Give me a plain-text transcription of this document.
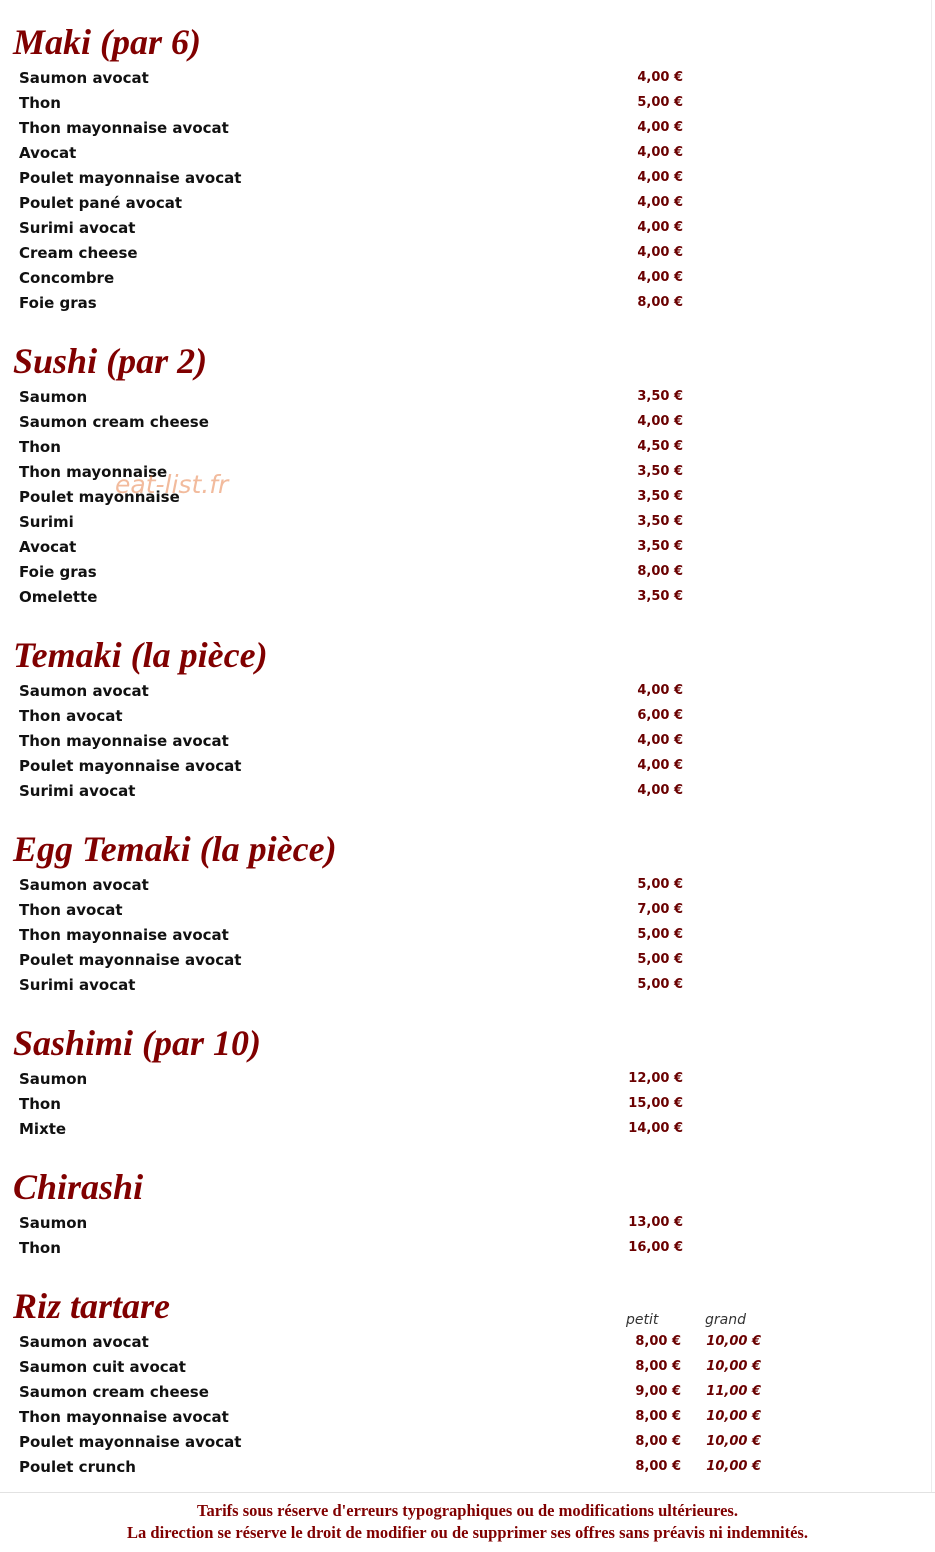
Maki (par 6)
Saumon avocat	4,00 €
Thon	5,00 €
Thon mayonnaise avocat	4,00 €
Avocat	4,00 €
Poulet mayonnaise avocat	4,00 €
Poulet pané avocat	4,00 €
Surimi avocat	4,00 €
Cream cheese	4,00 €
Concombre	4,00 €
Foie gras	8,00 €
Sushi (par 2)
Saumon	3,50 €
Saumon cream cheese	4,00 €
Thon	4,50 €
Thon mayonnaise	3,50 €
Poulet mayonnaise	3,50 €
Surimi	3,50 €
Avocat	3,50 €
Foie gras	8,00 €
Omelette	3,50 €
Temaki (la pièce)
Saumon avocat	4,00 €
Thon avocat	6,00 €
Thon mayonnaise avocat	4,00 €
Poulet mayonnaise avocat	4,00 €
Surimi avocat	4,00 €
Egg Temaki (la pièce)
Saumon avocat	5,00 €
Thon avocat	7,00 €
Thon mayonnaise avocat	5,00 €
Poulet mayonnaise avocat	5,00 €
Surimi avocat	5,00 €
Sashimi (par 10)
Saumon	12,00 €
Thon	15,00 €
Mixte	14,00 €
Chirashi
Saumon	13,00 €
Thon	16,00 €
Riz tartare	petit	grand
Saumon avocat	8,00 € 10,00 €
Saumon cuit avocat	8,00 € 10,00 €
Saumon cream cheese	9,00 € 11,00 €
Thon mayonnaise avocat	8,00 € 10,00 €
Poulet mayonnaise avocat	8,00 € 10,00 €
Poulet crunch	8,00 € 10,00 €
eat-list.fr
Tarifs sous réserve d'erreurs typographiques ou de modifications ultérieures.
La direction se réserve le droit de modifier ou de supprimer ses offres sans préavis ni indemnités.
